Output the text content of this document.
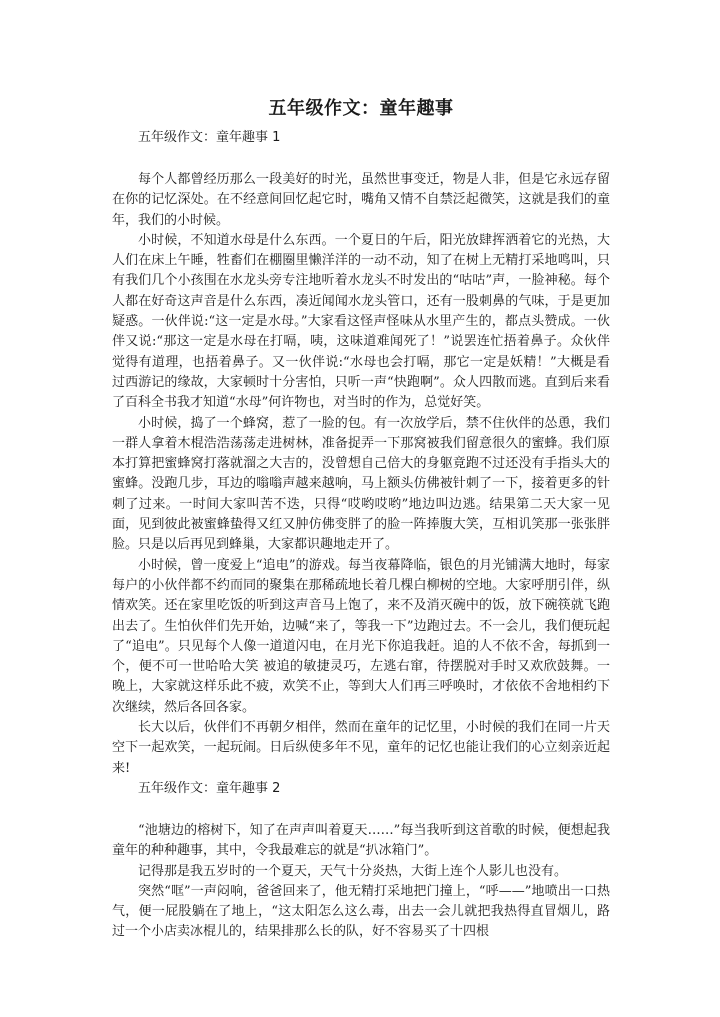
五年级作文：童年趣事

五年级作文：童年趣事 1

每个人都曾经历那么一段美好的时光，虽然世事变迁，物是人非，但是它永远存留在你的记忆深处。在不经意间回忆起它时，嘴角又情不自禁泛起微笑，这就是我们的童年，我们的小时候。

小时候，不知道水母是什么东西。一个夏日的午后，阳光放肆挥洒着它的光热，大人们在床上午睡，牲畜们在棚圈里懒洋洋的一动不动，知了在树上无精打采地鸣叫，只有我们几个小孩围在水龙头旁专注地听着水龙头不时发出的“咕咕”声，一脸神秘。每个人都在好奇这声音是什么东西，凑近闻闻水龙头管口，还有一股刺鼻的气味，于是更加疑惑。一伙伴说:“这一定是水母。”大家看这怪声怪味从水里产生的，都点头赞成。一伙伴又说:“那这一定是水母在打嗝，咦，这味道难闻死了！”说罢连忙捂着鼻子。众伙伴觉得有道理，也捂着鼻子。又一伙伴说:“水母也会打嗝，那它一定是妖精！”大概是看过西游记的缘故，大家顿时十分害怕，只听一声“快跑啊”。众人四散而逃。直到后来看了百科全书我才知道“水母”何许物也，对当时的作为，总觉好笑。

小时候，捣了一个蜂窝，惹了一脸的包。有一次放学后，禁不住伙伴的怂恿，我们一群人拿着木棍浩浩荡荡走进树林，准备捉弄一下那窝被我们留意很久的蜜蜂。我们原本打算把蜜蜂窝打落就溜之大吉的，没曾想自己倍大的身躯竟跑不过还没有手指头大的蜜蜂。没跑几步，耳边的嗡嗡声越来越响，马上额头仿佛被针刺了一下，接着更多的针刺了过来。一时间大家叫苦不迭，只得“哎哟哎哟”地边叫边逃。结果第二天大家一见面，见到彼此被蜜蜂蛰得又红又肿仿佛变胖了的脸一阵捧腹大笑，互相讥笑那一张张胖脸。只是以后再见到蜂巢，大家都识趣地走开了。

小时候，曾一度爱上“追电”的游戏。每当夜幕降临，银色的月光铺满大地时，每家每户的小伙伴都不约而同的聚集在那稀疏地长着几棵白柳树的空地。大家呼朋引伴，纵情欢笑。还在家里吃饭的听到这声音马上饱了，来不及消灭碗中的饭，放下碗筷就飞跑出去了。生怕伙伴们先开始，边喊“来了，等我一下”边跑过去。不一会儿，我们便玩起了“追电”。只见每个人像一道道闪电，在月光下你追我赶。追的人不依不舍，每抓到一个，便不可一世哈哈大笑 被追的敏捷灵巧，左逃右窜，待摆脱对手时又欢欣鼓舞。一晚上，大家就这样乐此不疲，欢笑不止，等到大人们再三呼唤时，才依依不舍地相约下次继续，然后各回各家。

长大以后，伙伴们不再朝夕相伴，然而在童年的记忆里，小时候的我们在同一片天空下一起欢笑，一起玩闹。日后纵使多年不见，童年的记忆也能让我们的心立刻亲近起来!

五年级作文：童年趣事 2

“池塘边的榕树下，知了在声声叫着夏天……”每当我听到这首歌的时候，便想起我童年的种种趣事，其中，令我最难忘的就是“扒冰箱门”。

记得那是我五岁时的一个夏天，天气十分炎热，大街上连个人影儿也没有。

突然“哐”一声闷响，爸爸回来了，他无精打采地把门撞上，“呼——”地喷出一口热气，便一屁股躺在了地上，“这太阳怎么这么毒，出去一会儿就把我热得直冒烟儿，路过一个小店卖冰棍儿的，结果排那么长的队，好不容易买了十四根
